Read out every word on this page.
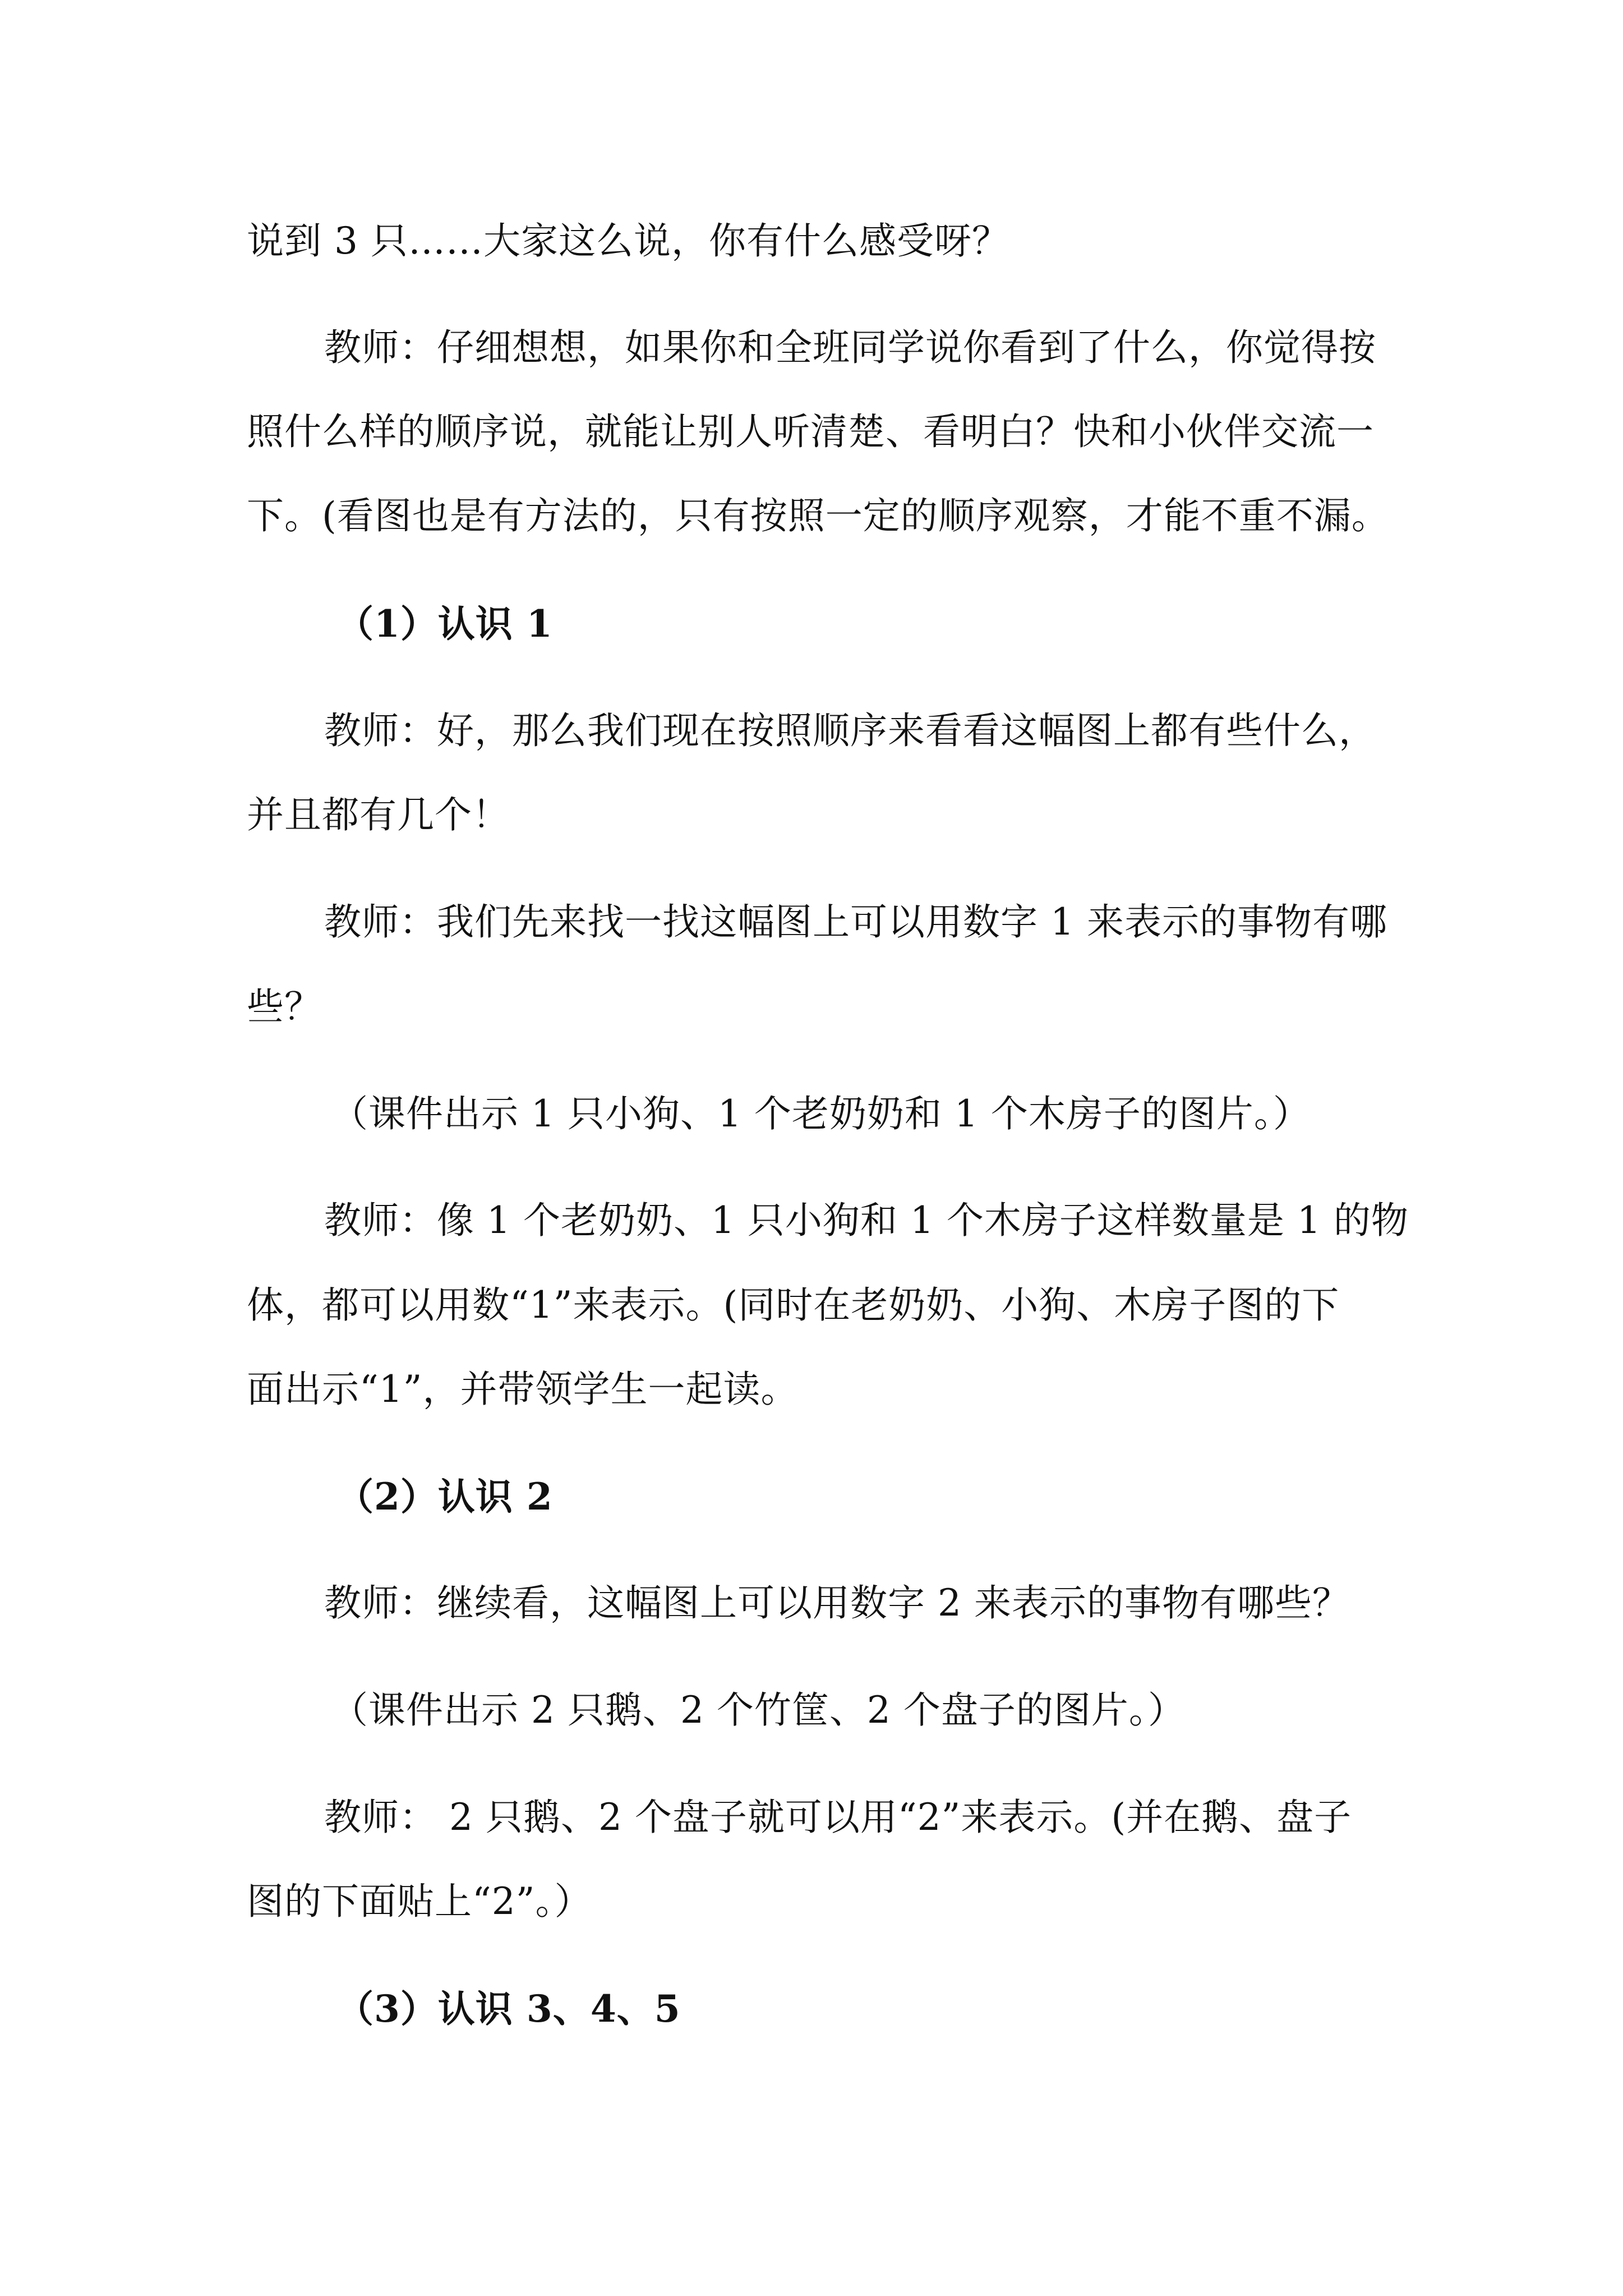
说到 3 只……大家这么说，你有什么感受呀？
教师：仔细想想，如果你和全班同学说你看到了什么，你觉得按
照什么样的顺序说，就能让别人听清楚、看明白？快和小伙伴交流一
下。(看图也是有方法的，只有按照一定的顺序观察，才能不重不漏。
（1）认识 1
教师：好，那么我们现在按照顺序来看看这幅图上都有些什么，
并且都有几个！
教师：我们先来找一找这幅图上可以用数字 1 来表示的事物有哪
些？
（课件出示 1 只小狗、1 个老奶奶和 1 个木房子的图片。）
教师：像 1 个老奶奶、1 只小狗和 1 个木房子这样数量是 1 的物
体，都可以用数“1”来表示。(同时在老奶奶、小狗、木房子图的下
面出示“1”，并带领学生一起读。
（2）认识 2
教师：继续看，这幅图上可以用数字 2 来表示的事物有哪些？
（课件出示 2 只鹅、2 个竹筐、2 个盘子的图片。）
教师： 2 只鹅、2 个盘子就可以用“2”来表示。(并在鹅、盘子
图的下面贴上“2”。）
（3）认识 3、4、5
